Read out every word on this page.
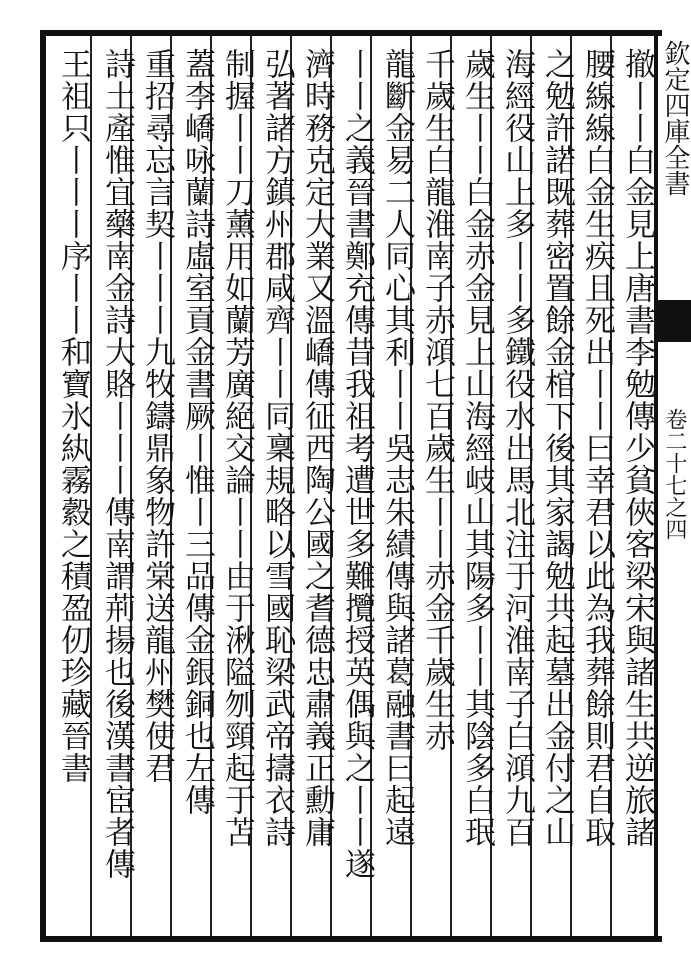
撤丨丨白金見上唐書李勉傳少貧俠客梁宋與諸生共逆旅諸
腰線線白金生疾且死出丨丨曰幸君以此為我葬餘則君自取
之勉許諾既葬密置餘金棺下後其家謁勉共起墓出金付之山
海經役山上多丨丨多鐵役水出馬北注于河淮南子白澒九百
歲生丨丨白金赤金見上山海經岐山其陽多丨丨其陰多白珉
千歲生白龍淮南子赤澒七百歲生丨丨赤金千歲生赤
龍斷金易二人同心其利丨丨吳志朱績傳與諸葛融書曰起遠
丨丨之義晉書鄭充傳昔我祖考遭世多難攬授英偶與之丨丨遂
濟時務克定大業又溫嶠傳征西陶公國之耆德忠肅義正勳庸
弘著諸方鎮州郡咸齊丨丨同稟規略以雪國恥梁武帝擣衣詩
制握丨丨刀薰用如蘭芳廣絕交論丨丨由于湫隘刎頸起于苫
蓋李嶠咏蘭詩虛室貢金書厥丨惟丨三品傳金銀銅也左傳
重招尋忘言契丨丨丨九牧鑄鼎象物許棠送龍州樊使君
詩土產惟宜藥南金詩大賂丨丨丨傳南謂荊揚也後漢書宦者傳
王祖只丨丨丨序丨丨和寶氷紈霧縠之積盈仞珍藏晉書	欽定四庫全書
卷二十七之四
